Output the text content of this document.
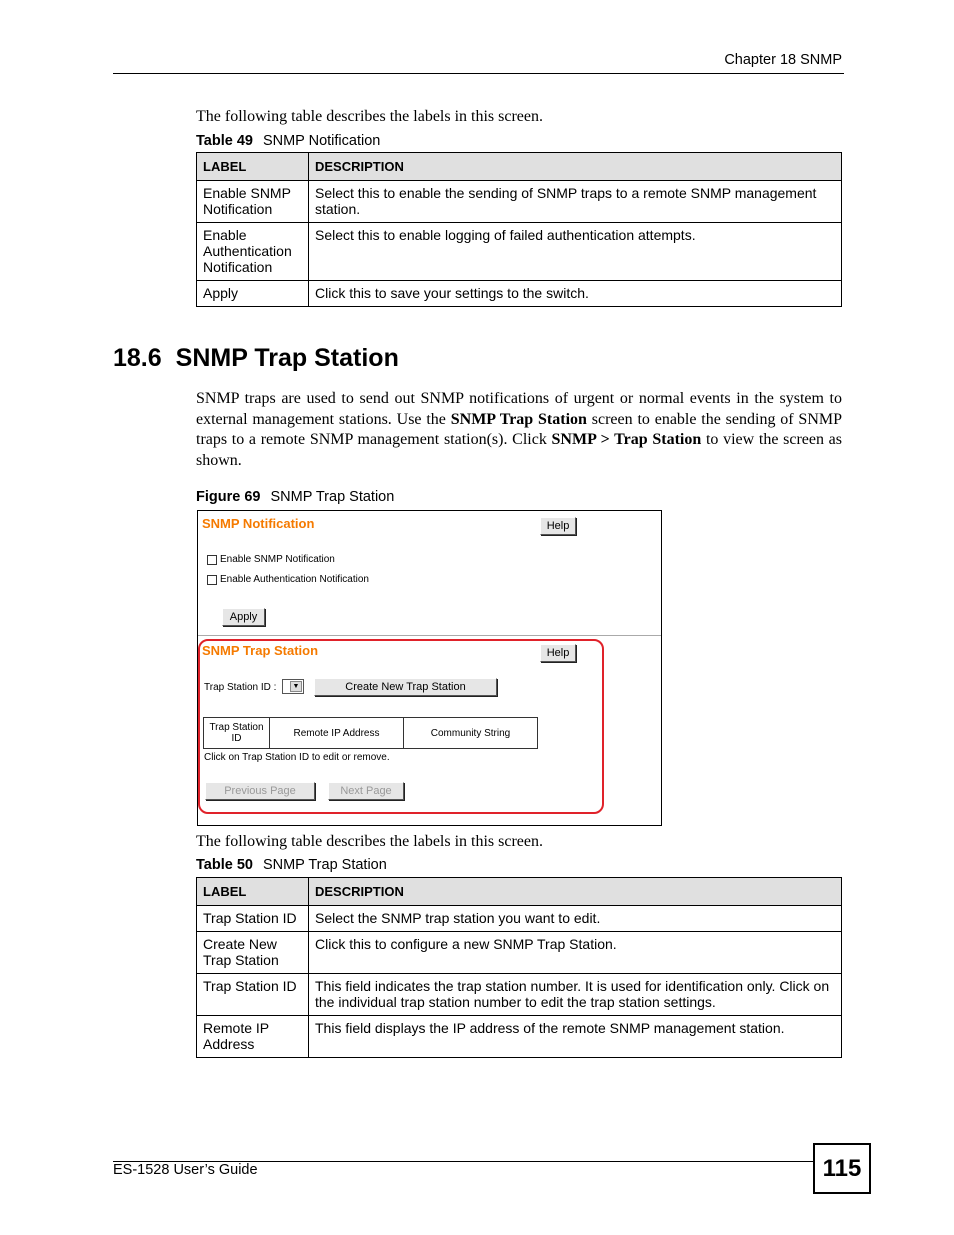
Chapter 18 SNMP
The following table describes the labels in this screen.
Table 49 SNMP Notification
LABEL	DESCRIPTION
Enable SNMP Notification	Select this to enable the sending of SNMP traps to a remote SNMP management station.
Enable Authentication Notification	Select this to enable logging of failed authentication attempts.
Apply	Click this to save your settings to the switch.
18.6 SNMP Trap Station
SNMP traps are used to send out SNMP notifications of urgent or normal events in the system to external management stations. Use the SNMP Trap Station screen to enable the sending of SNMP traps to a remote SNMP management station(s). Click SNMP > Trap Station to view the screen as shown.
Figure 69 SNMP Trap Station
SNMP Notification	Help
Enable SNMP Notification
Enable Authentication Notification
Apply
SNMP Trap Station	Help
Trap Station ID :	▼	Create New Trap Station
Trap Station ID	Remote IP Address	Community String
Click on Trap Station ID to edit or remove.
Previous Page	Next Page
The following table describes the labels in this screen.
Table 50 SNMP Trap Station
LABEL	DESCRIPTION
Trap Station ID	Select the SNMP trap station you want to edit.
Create New Trap Station	Click this to configure a new SNMP Trap Station.
Trap Station ID	This field indicates the trap station number. It is used for identification only. Click on the individual trap station number to edit the trap station settings.
Remote IP Address	This field displays the IP address of the remote SNMP management station.
ES-1528 User’s Guide	115
